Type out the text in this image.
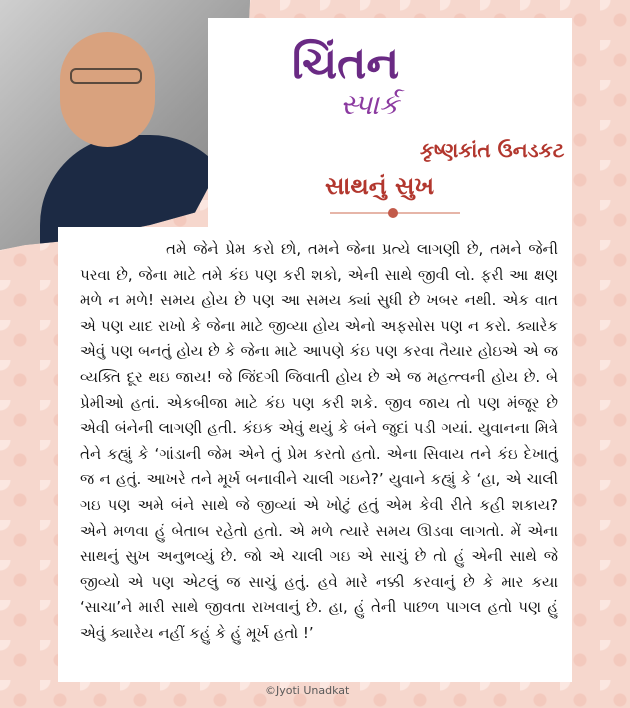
ચિંતન
સ્પાર્ક
કૃષ્ણકાંત ઉનડકટ
સાથનું સુખ

તમે જેને પ્રેમ કરો છો, તમને જેના પ્રત્યે લાગણી છે, તમને જેની પરવા છે, જેના માટે તમે કંઇ પણ કરી શકો, એની સાથે જીવી લો. ફરી આ ક્ષણ મળે ન મળે! સમય હોય છે પણ આ સમય ક્યાં સુધી છે ખબર નથી. એક વાત એ પણ યાદ રાખો કે જેના માટે જીવ્યા હોય એનો અફસોસ પણ ન કરો. ક્યારેક એવું પણ બનતું હોય છે કે જેના માટે આપણે કંઇ પણ કરવા તૈયાર હોઇએ એ જ વ્યક્તિ દૂર થઇ જાય! જે જિંદગી જિવાતી હોય છે એ જ મહત્ત્વની હોય છે. બે પ્રેમીઓ હતાં. એકબીજા માટે કંઇ પણ કરી શકે. જીવ જાય તો પણ મંજૂર છે એવી બંનેની લાગણી હતી. કંઇક એવું થયું કે બંને જુદાં પડી ગયાં. યુવાનના મિત્રે તેને કહ્યું કે ‘ગાંડાની જેમ એને તું પ્રેમ કરતો હતો. એના સિવાય તને કંઇ દેખાતું જ ન હતું. આખરે તને મૂર્ખ બનાવીને ચાલી ગઇનેે?’ યુવાને કહ્યું કે ‘હા, એ ચાલી ગઇ પણ અમે બંને સાથે જે જીવ્યાં એ ખોટું હતું એમ કેવી રીતે કહી શકાય? એને મળવા હું બેતાબ રહેતો હતો. એ મળે ત્યારે સમય ઊડવા લાગતો. મેં એના સાથનું સુખ અનુભવ્યું છે. જો એ ચાલી ગઇ એ સાચું છે તો હું એની સાથે જે જીવ્યો એ પણ એટલું જ સાચું હતું. હવે મારે નક્કી કરવાનું છે કે માર કયા ‘સાચા’ને મારી સાથે જીવતા રાખવાનું છે. હા, હું તેની પાછળ પાગલ હતો પણ હું એવું ક્યારેય નહીં કહું કે હું મૂર્ખ હતો !’

©Jyoti Unadkat
